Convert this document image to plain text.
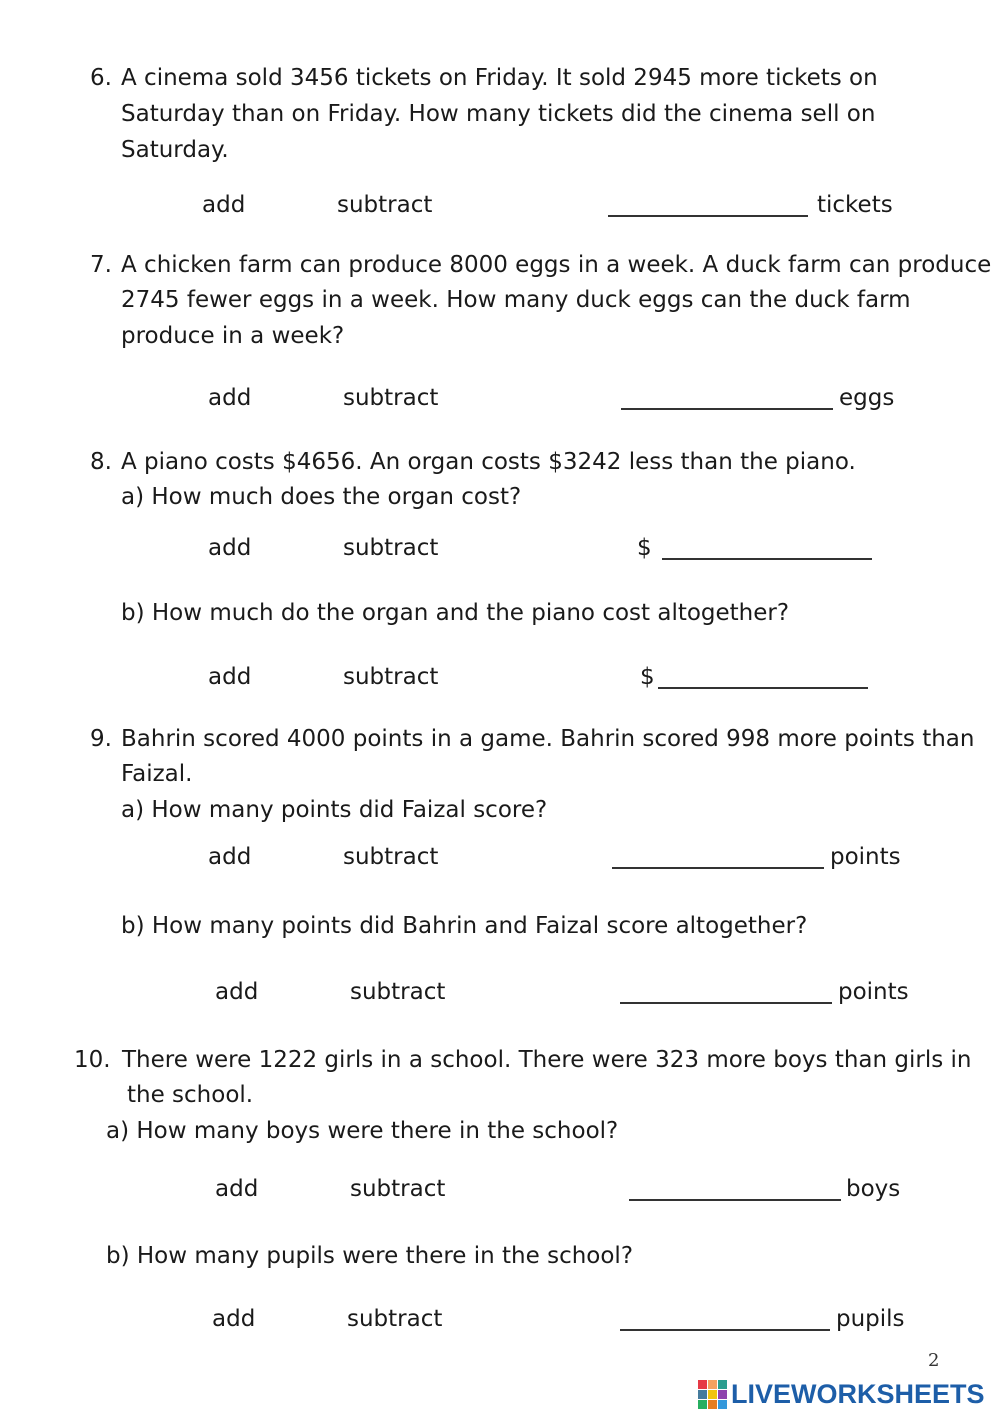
6. A cinema sold 3456 tickets on Friday. It sold 2945 more tickets on
Saturday than on Friday. How many tickets did the cinema sell on
Saturday.
add	subtract	tickets
7. A chicken farm can produce 8000 eggs in a week. A duck farm can produce
2745 fewer eggs in a week. How many duck eggs can the duck farm
produce in a week?
add	subtract	eggs
8. A piano costs $4656. An organ costs $3242 less than the piano.
a) How much does the organ cost?
add	subtract	$
b) How much do the organ and the piano cost altogether?
add	subtract	$
9. Bahrin scored 4000 points in a game. Bahrin scored 998 more points than
Faizal.
a) How many points did Faizal score?
add	subtract	points
b) How many points did Bahrin and Faizal score altogether?
add	subtract	points
10. There were 1222 girls in a school. There were 323 more boys than girls in
the school.
a) How many boys were there in the school?
add	subtract	boys
b) How many pupils were there in the school?
add	subtract	pupils
2
LIVEWORKSHEETS
